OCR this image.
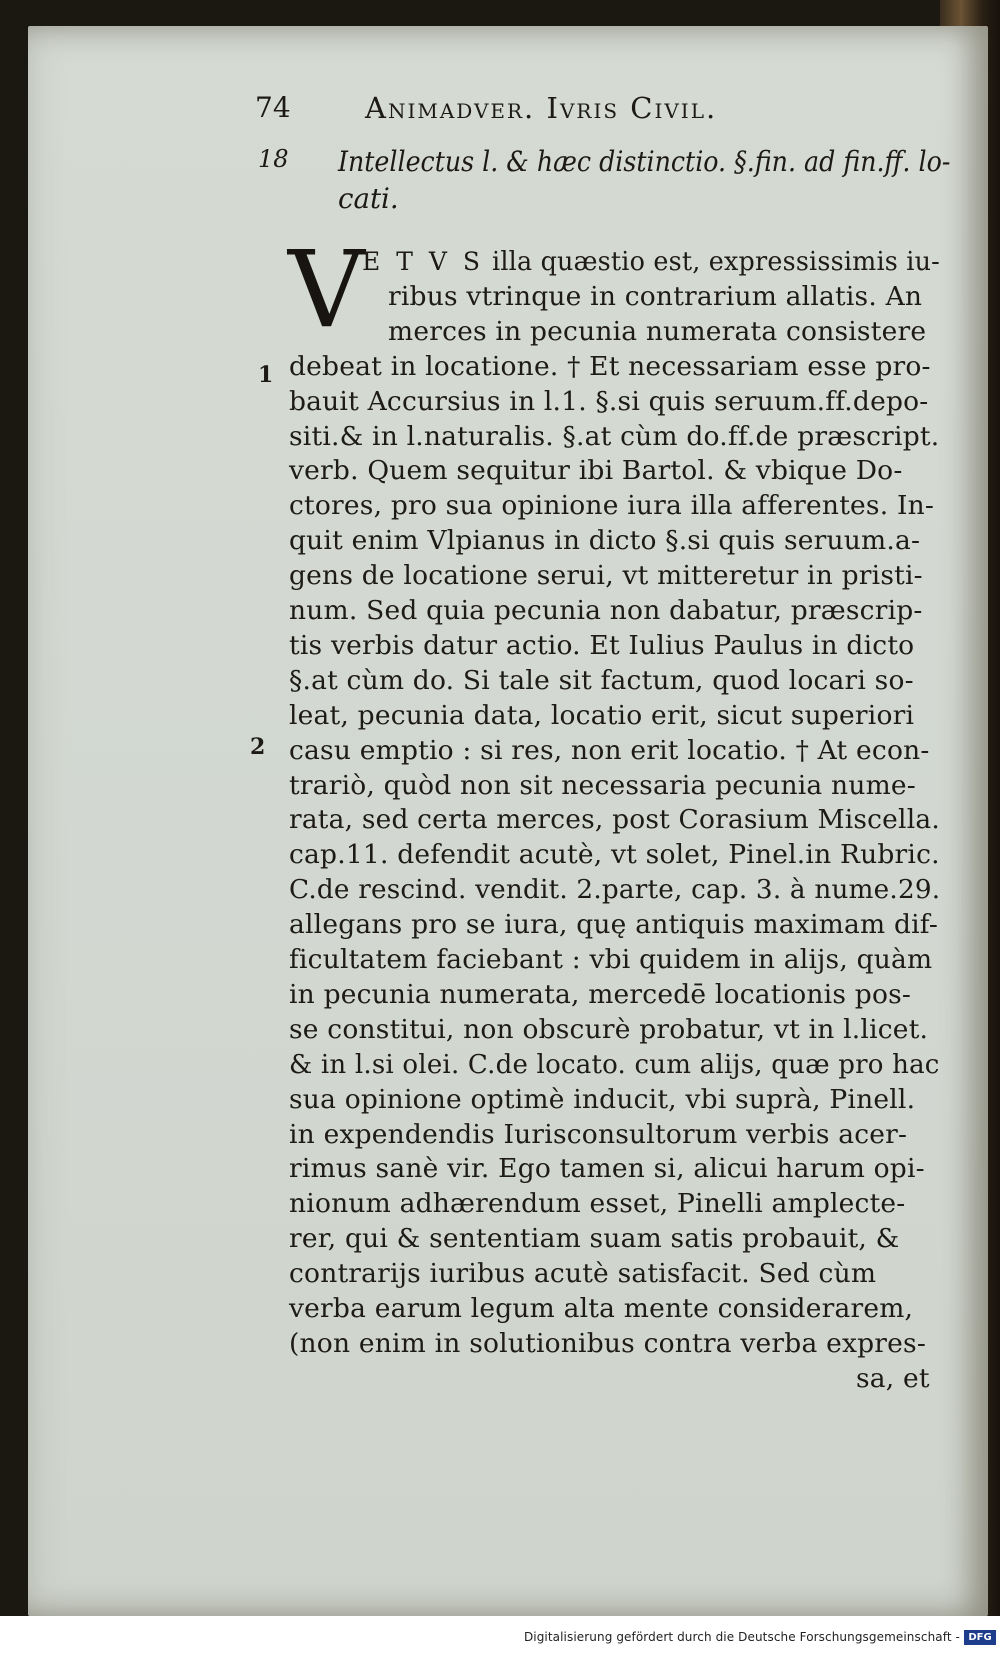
74	Animadver. Ivris Civil.
18 Intellectus l. & hæc distinctio. §.fin. ad fin.ff. lo-
cati.
V
E T V S
1
2
illa quæstio est, expressissimis iu-
ribus vtrinque in contrarium allatis. An
merces in pecunia numerata consistere
debeat in locatione. † Et necessariam esse pro-
bauit Accursius in l.1. §.si quis seruum.ff.depo-
siti.& in l.naturalis. §.at cùm do.ff.de præscript.
verb. Quem sequitur ibi Bartol. & vbique Do-
ctores, pro sua opinione iura illa afferentes. In-
quit enim Vlpianus in dicto §.si quis seruum.a-
gens de locatione serui, vt mitteretur in pristi-
num. Sed quia pecunia non dabatur, præscrip-
tis verbis datur actio. Et Iulius Paulus in dicto
§.at cùm do. Si tale sit factum, quod locari so-
leat, pecunia data, locatio erit, sicut superiori
casu emptio : si res, non erit locatio. † At econ-
trariò, quòd non sit necessaria pecunia nume-
rata, sed certa merces, post Corasium Miscella.
cap.11. defendit acutè, vt solet, Pinel.in Rubric.
C.de rescind. vendit. 2.parte, cap. 3. à nume.29.
allegans pro se iura, quę antiquis maximam dif-
ficultatem faciebant : vbi quidem in alijs, quàm
in pecunia numerata, mercedē locationis pos-
se constitui, non obscurè probatur, vt in l.licet.
& in l.si olei. C.de locato. cum alijs, quæ pro hac
sua opinione optimè inducit, vbi suprà, Pinell.
in expendendis Iurisconsultorum verbis acer-
rimus sanè vir. Ego tamen si, alicui harum opi-
nionum adhærendum esset, Pinelli amplecte-
rer, qui & sententiam suam satis probauit, &
contrarijs iuribus acutè satisfacit. Sed cùm
verba earum legum alta mente considerarem,
(non enim in solutionibus contra verba expres-
sa, et
Digitalisierung gefördert durch die Deutsche Forschungsgemeinschaft - DFG
